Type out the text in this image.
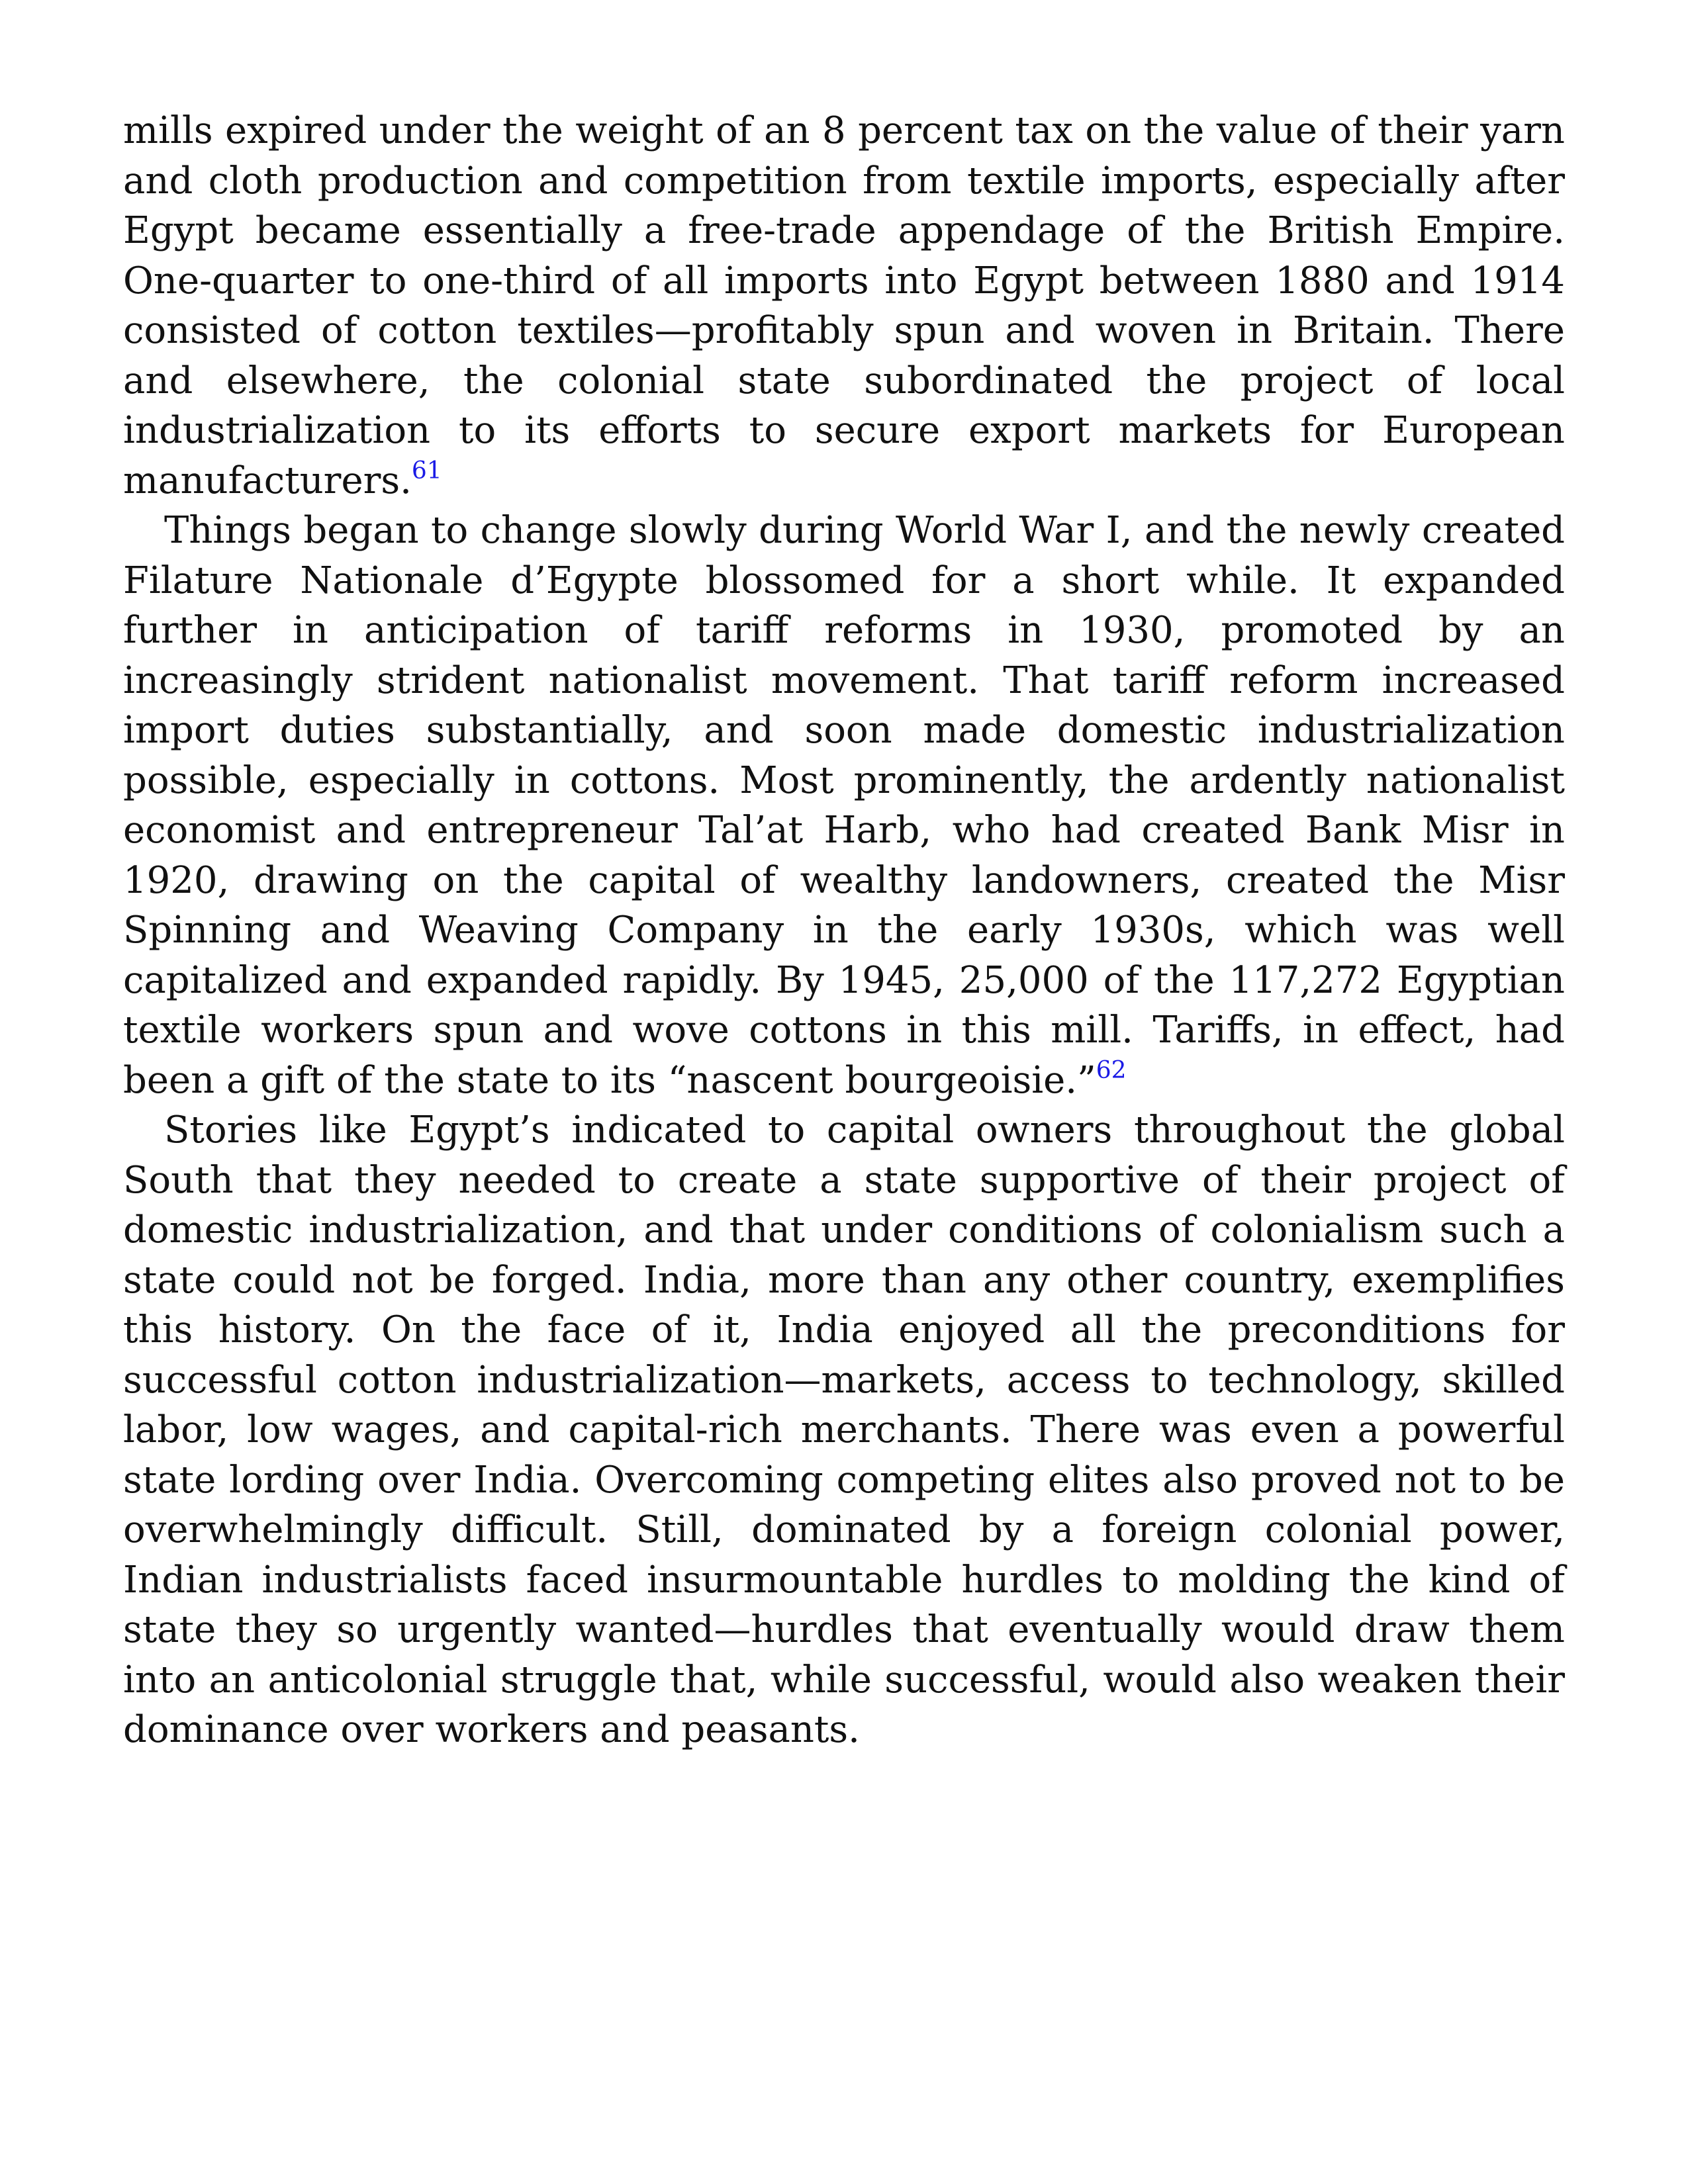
mills expired under the weight of an 8 percent tax on the value of their yarn and cloth production and competition from textile imports, especially after Egypt became essentially a free-trade appendage of the British Empire. One-quarter to one-third of all imports into Egypt between 1880 and 1914 consisted of cotton textiles—profitably spun and woven in Britain. There and elsewhere, the colonial state subordinated the project of local industrialization to its efforts to secure export markets for European manufacturers.$^{61}$

Things began to change slowly during World War I, and the newly created Filature Nationale d’Egypte blossomed for a short while. It expanded further in anticipation of tariff reforms in 1930, promoted by an increasingly strident nationalist movement. That tariff reform increased import duties substantially, and soon made domestic industrialization possible, especially in cottons. Most prominently, the ardently nationalist economist and entrepreneur Tal’at Harb, who had created Bank Misr in 1920, drawing on the capital of wealthy landowners, created the Misr Spinning and Weaving Company in the early 1930s, which was well capitalized and expanded rapidly. By 1945, 25,000 of the 117,272 Egyptian textile workers spun and wove cottons in this mill. Tariffs, in effect, had been a gift of the state to its “nascent bourgeoisie.”$^{62}$

Stories like Egypt’s indicated to capital owners throughout the global South that they needed to create a state supportive of their project of domestic industrialization, and that under conditions of colonialism such a state could not be forged. India, more than any other country, exemplifies this history. On the face of it, India enjoyed all the preconditions for successful cotton industrialization—markets, access to technology, skilled labor, low wages, and capital-rich merchants. There was even a powerful state lording over India. Overcoming competing elites also proved not to be overwhelmingly difficult. Still, dominated by a foreign colonial power, Indian industrialists faced insurmountable hurdles to molding the kind of state they so urgently wanted—hurdles that eventually would draw them into an anticolonial struggle that, while successful, would also weaken their dominance over workers and peasants.
